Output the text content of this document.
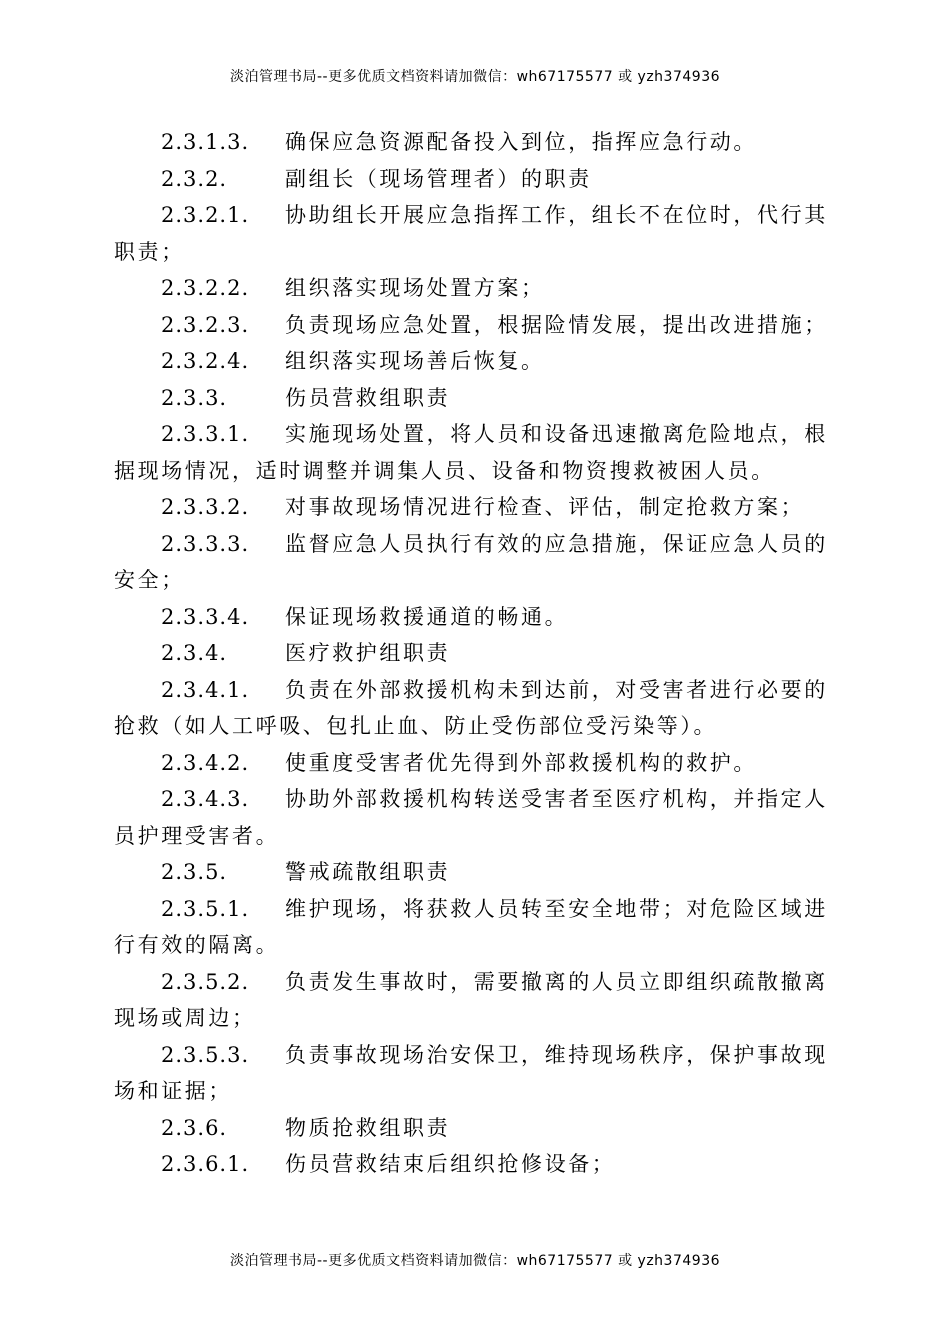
淡泊管理书局--更多优质文档资料请加微信：wh67175577 或 yzh374936
2.3.1.3. 确保应急资源配备投入到位，指挥应急行动。
2.3.2.	副组长（现场管理者）的职责
2.3.2.1. 协助组长开展应急指挥工作，组长不在位时，代行其
职责；
2.3.2.2. 组织落实现场处置方案；
2.3.2.3. 负责现场应急处置，根据险情发展，提出改进措施；
2.3.2.4. 组织落实现场善后恢复。
2.3.3.	伤员营救组职责
2.3.3.1. 实施现场处置，将人员和设备迅速撤离危险地点，根
据现场情况，适时调整并调集人员、设备和物资搜救被困人员。
2.3.3.2. 对事故现场情况进行检查、评估，制定抢救方案；
2.3.3.3. 监督应急人员执行有效的应急措施，保证应急人员的
安全；
2.3.3.4. 保证现场救援通道的畅通。
2.3.4.	医疗救护组职责
2.3.4.1. 负责在外部救援机构未到达前，对受害者进行必要的
抢救（如人工呼吸、包扎止血、防止受伤部位受污染等）。
2.3.4.2. 使重度受害者优先得到外部救援机构的救护。
2.3.4.3. 协助外部救援机构转送受害者至医疗机构，并指定人
员护理受害者。
2.3.5.	警戒疏散组职责
2.3.5.1. 维护现场，将获救人员转至安全地带；对危险区域进
行有效的隔离。
2.3.5.2. 负责发生事故时，需要撤离的人员立即组织疏散撤离
现场或周边；
2.3.5.3. 负责事故现场治安保卫，维持现场秩序，保护事故现
场和证据；
2.3.6.	物质抢救组职责
2.3.6.1. 伤员营救结束后组织抢修设备；
淡泊管理书局--更多优质文档资料请加微信：wh67175577 或 yzh374936
